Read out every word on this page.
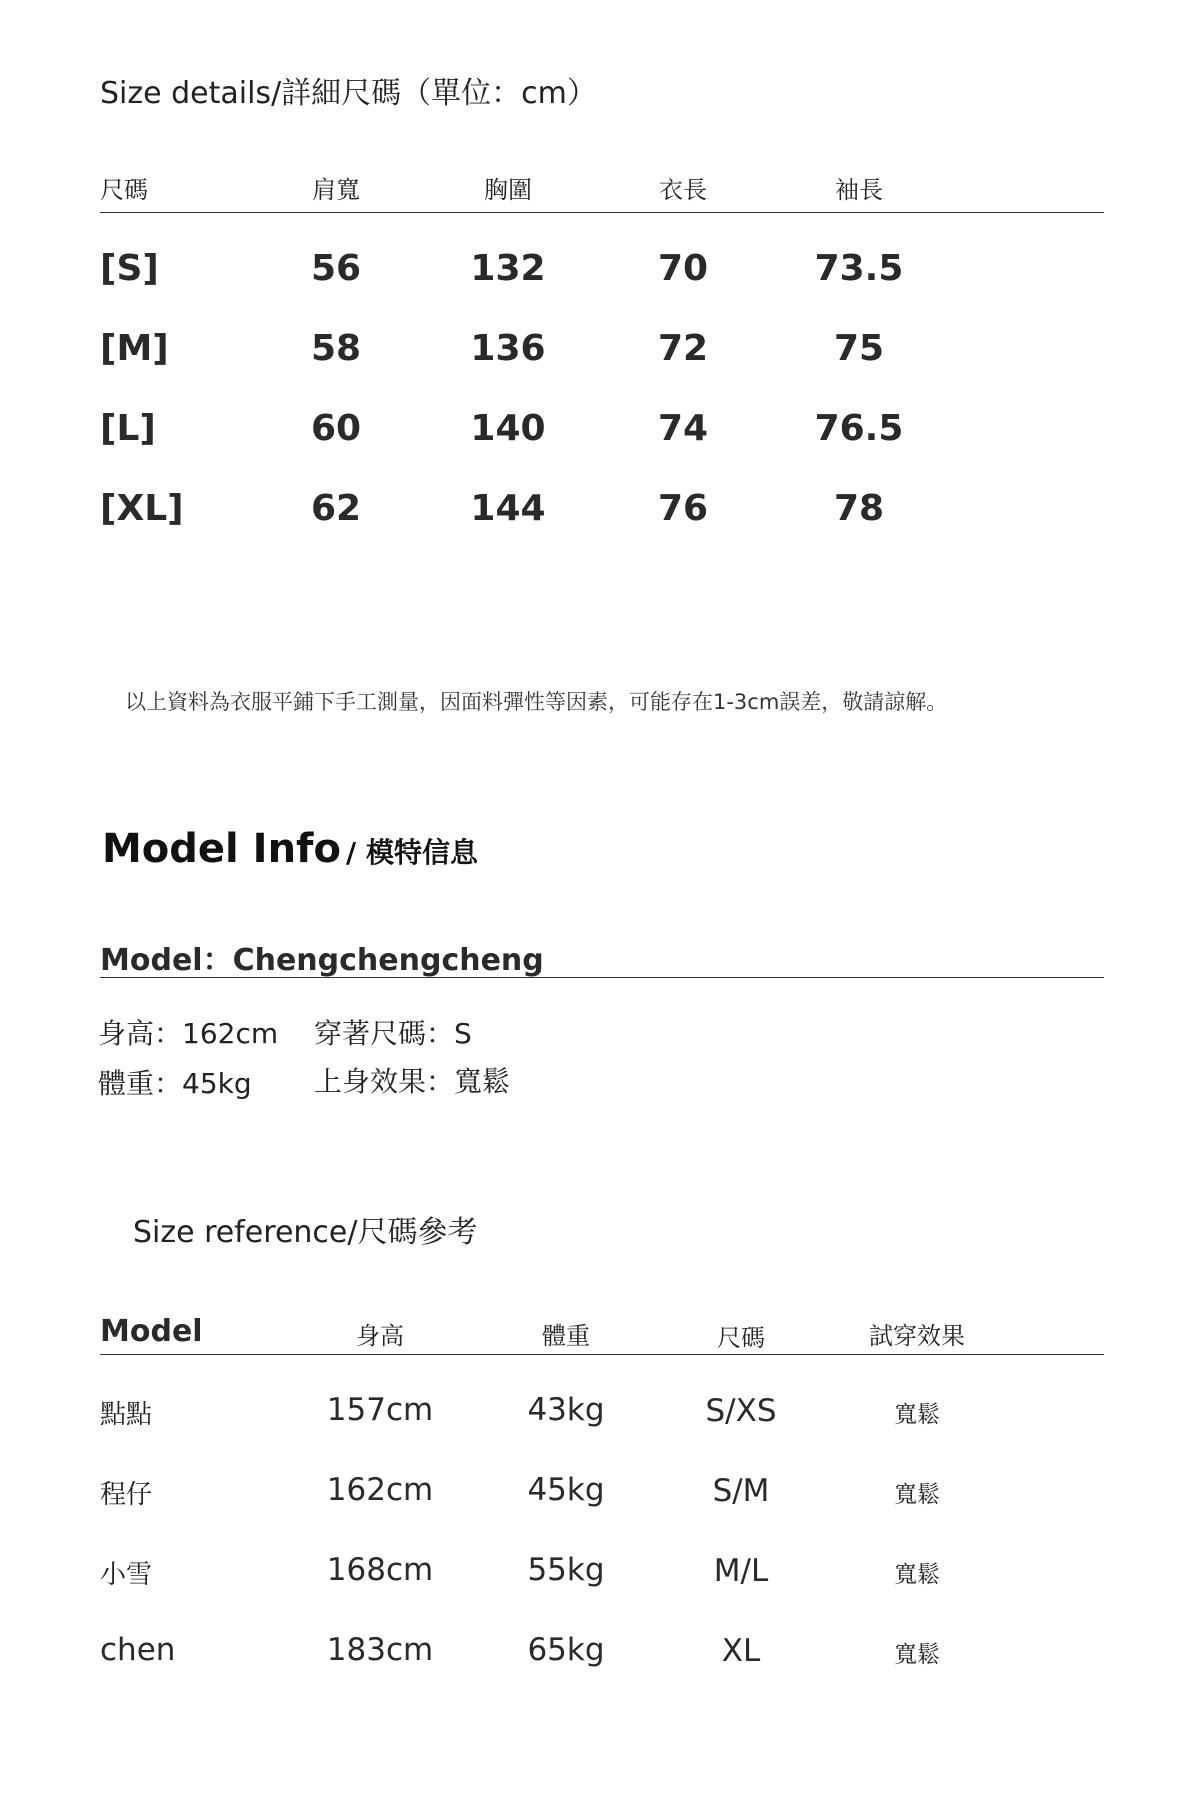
Size details/詳細尺碼（單位：cm）
尺碼	肩寬	胸圍	衣長	袖長
[S]	56	132	70	73.5
[M]	58	136	72	75
[L]	60	140	74	76.5
[XL]	62	144	76	78
以上資料為衣服平鋪下手工測量，因面料彈性等因素，可能存在1-3cm誤差，敬請諒解。
Model Info / 模特信息
Model：Chengchengcheng
身高：162cm 穿著尺碼：S
體重：45kg 上身效果：寬鬆
Size reference/尺碼參考
Model	身高	體重	尺碼	試穿效果
點點	157cm	43kg	S/XS	寬鬆
程仔	162cm	45kg	S/M	寬鬆
小雪	168cm	55kg	M/L	寬鬆
chen	183cm	65kg	XL	寬鬆
